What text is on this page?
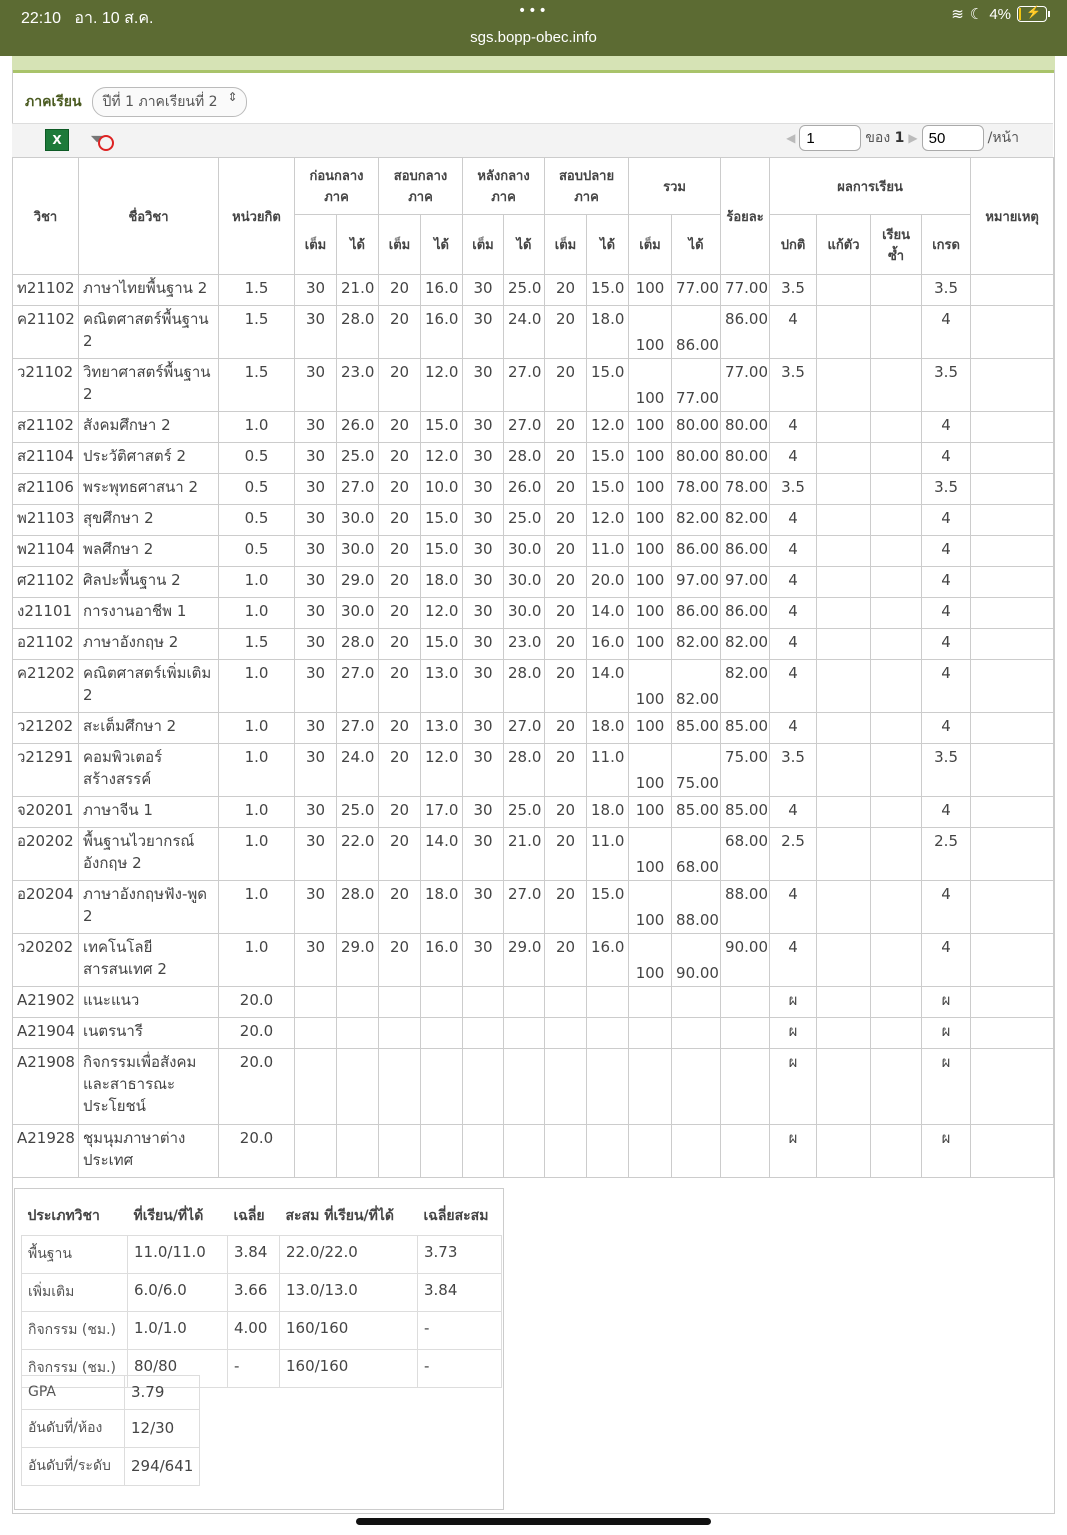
22:10 อา. 10 ส.ค.	•••
sgs.bopp-obec.info
≋ ☾ 4% ⚡
ภาคเรียน	ปีที่ 1 ภาคเรียนที่ 2 ⇕
X	⏷	◀
1	ของ 1 ▶
50	/หน้า
วิชา	ชื่อวิชา	หน่วยกิต	ก่อนกลางภาค		สอบกลางภาค		หลังกลางภาค		สอบปลายภาค		รวม		ร้อยละ	ผลการเรียน				หมายเหตุ
			เต็ม	ได้	เต็ม	ได้	เต็ม	ได้	เต็ม	ได้	เต็ม	ได้		ปกติ	แก้ตัว	เรียนซ้ำ	เกรด	
ท21102	ภาษาไทยพื้นฐาน 2	1.5	30	21.0	20	16.0	30	25.0	20	15.0	100	77.00	77.00	3.5			3.5	
ค21102	คณิตศาสตร์พื้นฐาน 2	1.5	30	28.0	20	16.0	30	24.0	20	18.0	100	86.00	86.00	4			4	
ว21102	วิทยาศาสตร์พื้นฐาน 2	1.5	30	23.0	20	12.0	30	27.0	20	15.0	100	77.00	77.00	3.5			3.5	
ส21102	สังคมศึกษา 2	1.0	30	26.0	20	15.0	30	27.0	20	12.0	100	80.00	80.00	4			4	
ส21104	ประวัติศาสตร์ 2	0.5	30	25.0	20	12.0	30	28.0	20	15.0	100	80.00	80.00	4			4	
ส21106	พระพุทธศาสนา 2	0.5	30	27.0	20	10.0	30	26.0	20	15.0	100	78.00	78.00	3.5			3.5	
พ21103	สุขศึกษา 2	0.5	30	30.0	20	15.0	30	25.0	20	12.0	100	82.00	82.00	4			4	
พ21104	พลศึกษา 2	0.5	30	30.0	20	15.0	30	30.0	20	11.0	100	86.00	86.00	4			4	
ศ21102	ศิลปะพื้นฐาน 2	1.0	30	29.0	20	18.0	30	30.0	20	20.0	100	97.00	97.00	4			4	
ง21101	การงานอาชีพ 1	1.0	30	30.0	20	12.0	30	30.0	20	14.0	100	86.00	86.00	4			4	
อ21102	ภาษาอังกฤษ 2	1.5	30	28.0	20	15.0	30	23.0	20	16.0	100	82.00	82.00	4			4	
ค21202	คณิตศาสตร์เพิ่มเติม 2	1.0	30	27.0	20	13.0	30	28.0	20	14.0	100	82.00	82.00	4			4	
ว21202	สะเต็มศึกษา 2	1.0	30	27.0	20	13.0	30	27.0	20	18.0	100	85.00	85.00	4			4	
ว21291	คอมพิวเตอร์สร้างสรรค์	1.0	30	24.0	20	12.0	30	28.0	20	11.0	100	75.00	75.00	3.5			3.5	
จ20201	ภาษาจีน 1	1.0	30	25.0	20	17.0	30	25.0	20	18.0	100	85.00	85.00	4			4	
อ20202	พื้นฐานไวยากรณ์อังกฤษ 2	1.0	30	22.0	20	14.0	30	21.0	20	11.0	100	68.00	68.00	2.5			2.5	
อ20204	ภาษาอังกฤษฟัง-พูด 2	1.0	30	28.0	20	18.0	30	27.0	20	15.0	100	88.00	88.00	4			4	
ว20202	เทคโนโลยีสารสนเทศ 2	1.0	30	29.0	20	16.0	30	29.0	20	16.0	100	90.00	90.00	4			4	
A21902	แนะแนว	20.0												ผ			ผ	
A21904	เนตรนารี	20.0												ผ			ผ	
A21908	กิจกรรมเพื่อสังคมและสาธารณะประโยชน์	20.0												ผ			ผ	
A21928	ชุมนุมภาษาต่างประเทศ	20.0												ผ			ผ	
ประเภทวิชา	ที่เรียน/ที่ได้	เฉลี่ย	สะสม ที่เรียน/ที่ได้	เฉลี่ยสะสม
พื้นฐาน	11.0/11.0	3.84	22.0/22.0	3.73
เพิ่มเติม	6.0/6.0	3.66	13.0/13.0	3.84
กิจกรรม (ชม.)	1.0/1.0	4.00	160/160	-
กิจกรรม (ชม.)	80/80	-	160/160	-
GPA	3.79
อันดับที่/ห้อง	12/30
อันดับที่/ระดับ	294/641
